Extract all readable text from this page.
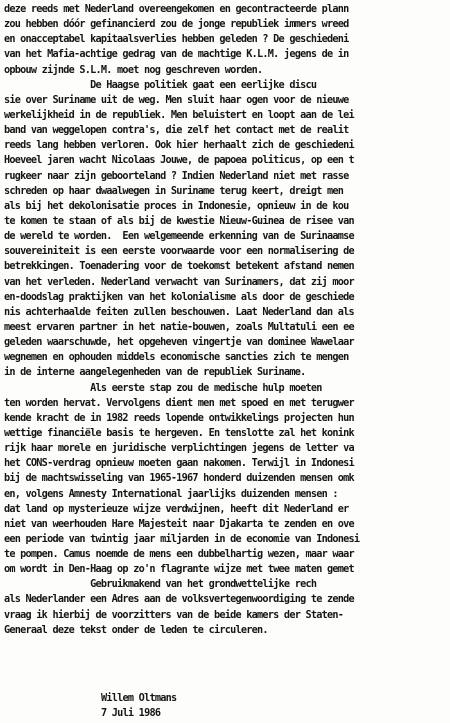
deze reeds met Nederland overeengekomen en gecontracteerde plann
zou hebben dóór gefinancierd zou de jonge republiek immers wreed
en onacceptabel kapitaalsverlies hebben geleden ? De geschiedeni
van het Mafia-achtige gedrag van de machtige K.L.M. jegens de in
opbouw zijnde S.L.M. moet nog geschreven worden.
De Haagse politiek gaat een eerlijke discu
sie over Suriname uit de weg. Men sluit haar ogen voor de nieuwe
werkelijkheid in de republiek. Men beluistert en loopt aan de lei
band van weggelopen contra's, die zelf het contact met de realit
reeds lang hebben verloren. Ook hier herhaalt zich de geschiedeni
Hoeveel jaren wacht Nicolaas Jouwe, de papoea politicus, op een t
rugkeer naar zijn geboorteland ? Indien Nederland niet met rasse
schreden op haar dwaalwegen in Suriname terug keert, dreigt men
als bij het dekolonisatie proces in Indonesie, opnieuw in de kou
te komen te staan of als bij de kwestie Nieuw-Guinea de risee van
de wereld te worden.  Een welgemeende erkenning van de Surinaamse
souvereiniteit is een eerste voorwaarde voor een normalisering de
betrekkingen. Toenadering voor de toekomst betekent afstand nemen
van het verleden. Nederland verwacht van Surinamers, dat zij moor
en-doodslag praktijken van het kolonialisme als door de geschiede
nis achterhaalde feiten zullen beschouwen. Laat Nederland dan als
meest ervaren partner in het natie-bouwen, zoals Multatuli een ee
geleden waarschuwde, het opgeheven vingertje van dominee Wawelaar
wegnemen en ophouden middels economische sancties zich te mengen
in de interne aangelegenheden van de republiek Suriname.
Als eerste stap zou de medische hulp moeten
ten worden hervat. Vervolgens dient men met spoed en met terugwer
kende kracht de in 1982 reeds lopende ontwikkelings projecten hun
wettige financiële basis te hergeven. En tenslotte zal het konink
rijk haar morele en juridische verplichtingen jegens de letter va
het CONS-verdrag opnieuw moeten gaan nakomen. Terwijl in Indonesi
bij de machtswisseling van 1965-1967 honderd duizenden mensen omk
en, volgens Amnesty International jaarlijks duizenden mensen :
dat land op mysterieuze wijze verdwijnen, heeft dit Nederland er
niet van weerhouden Hare Majesteit naar Djakarta te zenden en ove
een periode van twintig jaar miljarden in de economie van Indonesi
te pompen. Camus noemde de mens een dubbelhartig wezen, maar waar
om wordt in Den-Haag op zo'n flagrante wijze met twee maten gemet
Gebruikmakend van het grondwettelijke rech
als Nederlander een Adres aan de volksvertegenwoordiging te zende
vraag ik hierbij de voorzitters van de beide kamers der Staten-
Generaal deze tekst onder de leden te circuleren.
Willem Oltmans
7 Juli 1986
